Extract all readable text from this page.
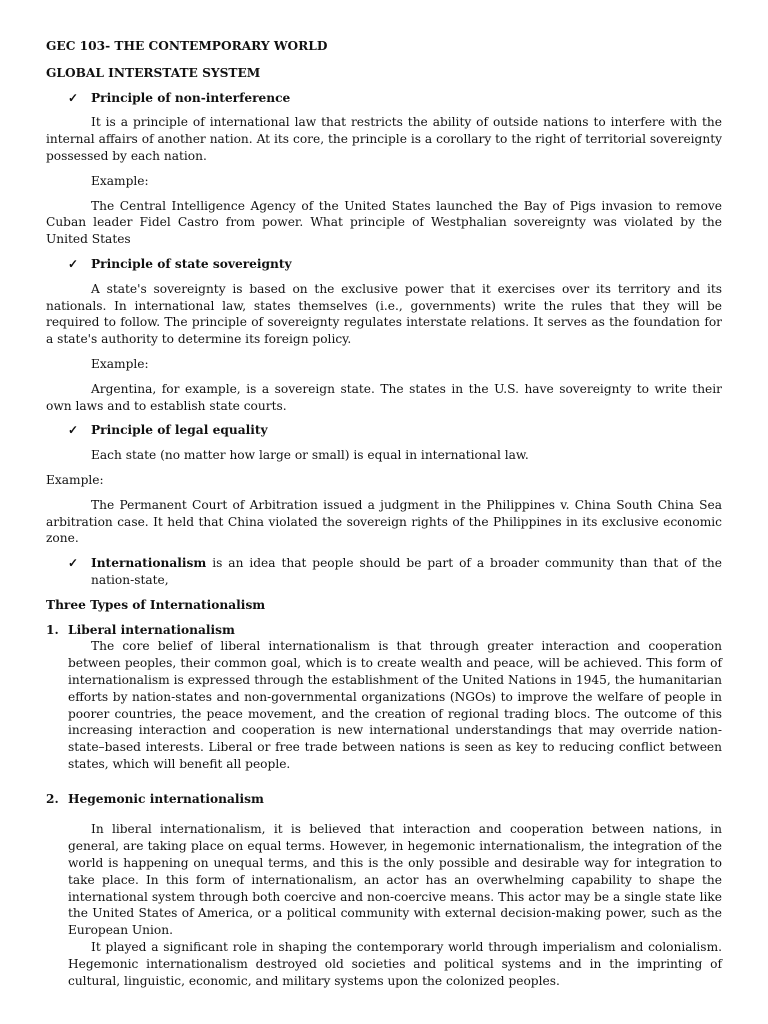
GEC 103- THE CONTEMPORARY WORLD
GLOBAL INTERSTATE SYSTEM
✓ Principle of non-interference

It is a principle of international law that restricts the ability of outside nations to interfere with the internal affairs of another nation. At its core, the principle is a corollary to the right of territorial sovereignty possessed by each nation.

Example:

The Central Intelligence Agency of the United States launched the Bay of Pigs invasion to remove Cuban leader Fidel Castro from power. What principle of Westphalian sovereignty was violated by the United States

✓ Principle of state sovereignty

A state's sovereignty is based on the exclusive power that it exercises over its territory and its nationals. In international law, states themselves (i.e., governments) write the rules that they will be required to follow. The principle of sovereignty regulates interstate relations. It serves as the foundation for a state's authority to determine its foreign policy.

Example:

Argentina, for example, is a sovereign state. The states in the U.S. have sovereignty to write their own laws and to establish state courts.

✓ Principle of legal equality

Each state (no matter how large or small) is equal in international law.

Example:

The Permanent Court of Arbitration issued a judgment in the Philippines v. China South China Sea arbitration case. It held that China violated the sovereign rights of the Philippines in its exclusive economic zone.

✓ Internationalism is an idea that people should be part of a broader community than that of the nation-state,
Three Types of Internationalism
1. Liberal internationalism

The core belief of liberal internationalism is that through greater interaction and cooperation between peoples, their common goal, which is to create wealth and peace, will be achieved. This form of internationalism is expressed through the establishment of the United Nations in 1945, the humanitarian efforts by nation-states and non-governmental organizations (NGOs) to improve the welfare of people in poorer countries, the peace movement, and the creation of regional trading blocs. The outcome of this increasing interaction and cooperation is new international understandings that may override nation-state–based interests. Liberal or free trade between nations is seen as key to reducing conflict between states, which will benefit all people.

2. Hegemonic internationalism

In liberal internationalism, it is believed that interaction and cooperation between nations, in general, are taking place on equal terms. However, in hegemonic internationalism, the integration of the world is happening on unequal terms, and this is the only possible and desirable way for integration to take place. In this form of internationalism, an actor has an overwhelming capability to shape the international system through both coercive and non-coercive means. This actor may be a single state like the United States of America, or a political community with external decision-making power, such as the European Union.

It played a significant role in shaping the contemporary world through imperialism and colonialism. Hegemonic internationalism destroyed old societies and political systems and in the imprinting of cultural, linguistic, economic, and military systems upon the colonized peoples.
